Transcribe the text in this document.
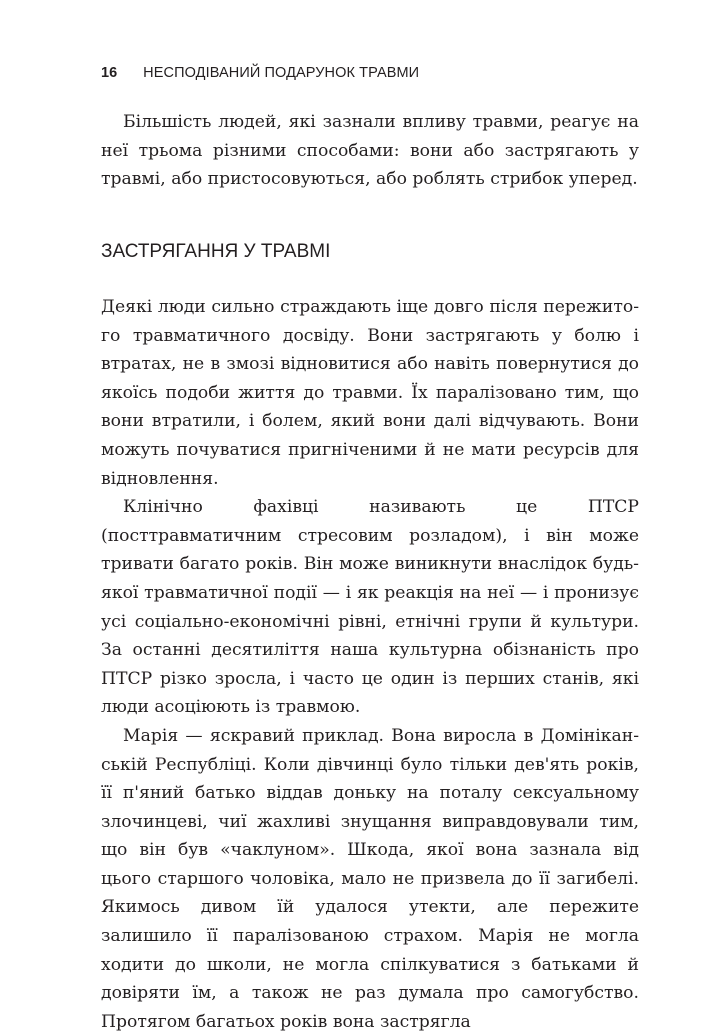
16 НЕСПОДІВАНИЙ ПОДАРУНОК ТРАВМИ

Більшість людей, які зазнали впливу травми, реагує на неї трьома різними способами: вони або застрягають у травмі, або пристосовуються, або роблять стрибок уперед.

ЗАСТРЯГАННЯ У ТРАВМІ

Деякі люди сильно страждають іще довго після пережитого травматичного досвіду. Вони застрягають у болю і втратах, не в змозі відновитися або навіть повернутися до якоїсь подоби життя до травми. Їх паралізовано тим, що вони втратили, і болем, який вони далі відчувають. Вони можуть почуватися пригніченими й не мати ресурсів для відновлення.

Клінічно фахівці називають це ПТСР (посттравматичним стресовим розладом), і він може тривати багато років. Він може виникнути внаслідок будь-якої травматичної події — і як реакція на неї — і пронизує усі соціально-економічні рівні, етнічні групи й культури. За останні десятиліття наша культурна обізнаність про ПТСР різко зросла, і часто це один із перших станів, які люди асоціюють із травмою.

Марія — яскравий приклад. Вона виросла в Домініканській Республіці. Коли дівчинці було тільки дев'ять років, її п'яний батько віддав доньку на поталу сексуальному злочинцеві, чиї жахливі знущання виправдовували тим, що він був «чаклуном». Шкода, якої вона зазнала від цього старшого чоловіка, мало не призвела до її загибелі. Якимось дивом їй удалося утекти, але пережите залишило її паралізованою страхом. Марія не могла ходити до школи, не могла спілкуватися з батьками й довіряти їм, а також не раз думала про самогубство. Протягом багатьох років вона застрягла
